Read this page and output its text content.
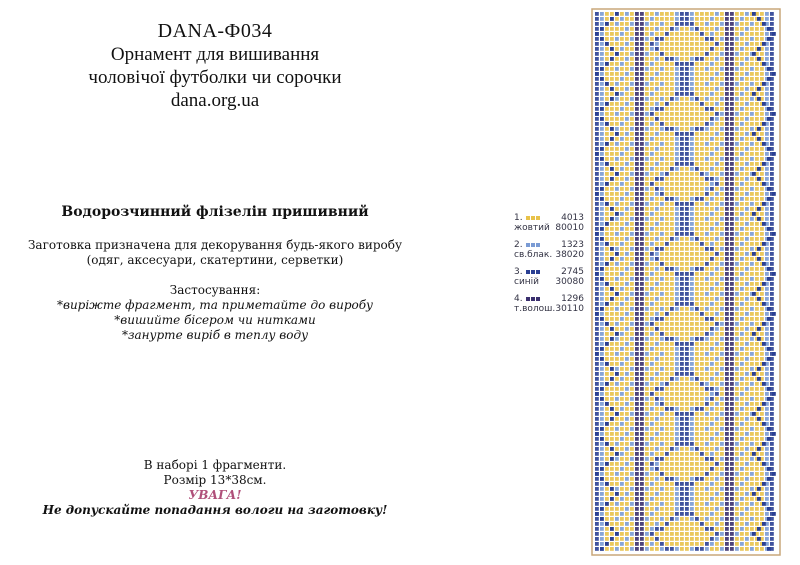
DANA-Ф034
Орнамент для вишивання
чоловічої футболки чи сорочки
dana.org.ua
Водорозчинний флізелін пришивний
Заготовка призначена для декорування будь-якого виробу
(одяг, аксесуари, скатертини, серветки)
Застосування:
*виріжте фрагмент, та приметайте до виробу
*вишийте бісером чи нитками
*занурте виріб в теплу воду
В наборі 1 фрагменти.
Розмір 13*38см.
УВАГА!
Не допускайте попадання вологи на заготовку!
1.	4013
жовтий 80010
2.	1323
св.блак. 38020
3.	2745
синій	30080
4.	1296
т.волош. 30110
